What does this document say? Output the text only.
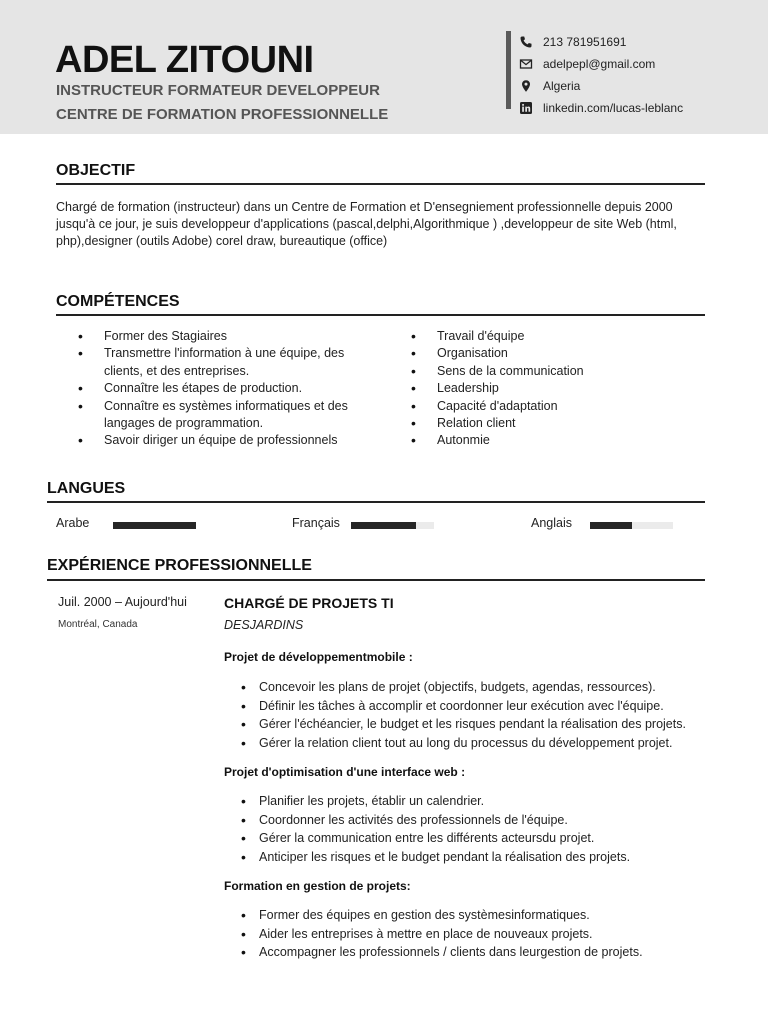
ADEL ZITOUNI
INSTRUCTEUR FORMATEUR DEVELOPPEUR
CENTRE DE FORMATION PROFESSIONNELLE
213 781951691
adelpepl@gmail.com
Algeria
linkedin.com/lucas-leblanc
OBJECTIF

Chargé de formation (instructeur) dans un Centre de Formation et D'ensegniement professionnelle depuis 2000 jusqu'à ce jour, je suis developpeur d'applications (pascal,delphi,Algorithmique ) ,developpeur de site Web (html, php),designer (outils Adobe) corel draw, bureautique (office)

COMPÉTENCES
• Former des Stagiaires
• Transmettre l'information à une équipe, des clients, et des entreprises.
• Connaître les étapes de production.
• Connaître es systèmes informatiques et des langages de programmation.
• Savoir diriger un équipe de professionnels
• Travail d'équipe
• Organisation
• Sens de la communication
• Leadership
• Capacité d'adaptation
• Relation client
• Autonmie
LANGUES
Arabe	Français	Anglais
EXPÉRIENCE PROFESSIONNELLE
Juil. 2000 – Aujourd'hui
Montréal, Canada
CHARGÉ DE PROJETS TI
DESJARDINS
Projet de développementmobile :
• Concevoir les plans de projet (objectifs, budgets, agendas, ressources).
• Définir les tâches à accomplir et coordonner leur exécution avec l'équipe.
• Gérer l'échéancier, le budget et les risques pendant la réalisation des projets.
• Gérer la relation client tout au long du processus du développement projet.
Projet d'optimisation d'une interface web :
• Planifier les projets, établir un calendrier.
• Coordonner les activités des professionnels de l'équipe.
• Gérer la communication entre les différents acteursdu projet.
• Anticiper les risques et le budget pendant la réalisation des projets.
Formation en gestion de projets:
• Former des équipes en gestion des systèmesinformatiques.
• Aider les entreprises à mettre en place de nouveaux projets.
• Accompagner les professionnels / clients dans leurgestion de projets.
